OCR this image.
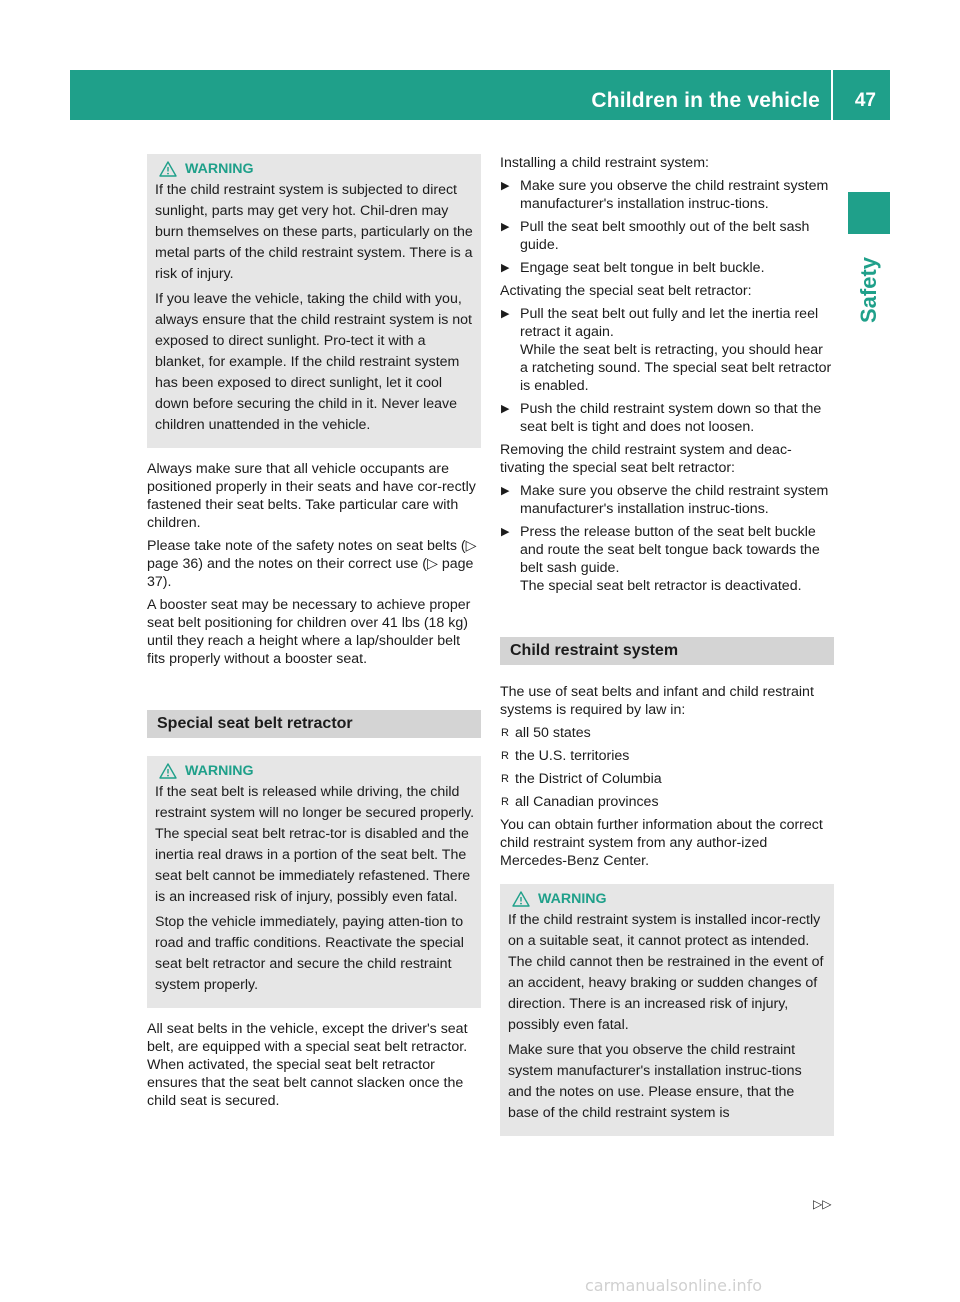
Children in the vehicle 47
Safety
WARNING

If the child restraint system is subjected to direct sunlight, parts may get very hot. Chil-dren may burn themselves on these parts, particularly on the metal parts of the child restraint system. There is a risk of injury.

If you leave the vehicle, taking the child with you, always ensure that the child restraint system is not exposed to direct sunlight. Pro-tect it with a blanket, for example. If the child restraint system has been exposed to direct sunlight, let it cool down before securing the child in it. Never leave children unattended in the vehicle.

Always make sure that all vehicle occupants are positioned properly in their seats and have cor-rectly fastened their seat belts. Take particular care with children.

Please take note of the safety notes on seat belts (▷ page 36) and the notes on their correct use (▷ page 37).

A booster seat may be necessary to achieve proper seat belt positioning for children over 41 lbs (18 kg) until they reach a height where a lap/shoulder belt fits properly without a booster seat.

Special seat belt retractor
WARNING

If the seat belt is released while driving, the child restraint system will no longer be secured properly. The special seat belt retrac-tor is disabled and the inertia real draws in a portion of the seat belt. The seat belt cannot be immediately refastened. There is an increased risk of injury, possibly even fatal.

Stop the vehicle immediately, paying atten-tion to road and traffic conditions. Reactivate the special seat belt retractor and secure the child restraint system properly.

All seat belts in the vehicle, except the driver's seat belt, are equipped with a special seat belt retractor. When activated, the special seat belt retractor ensures that the seat belt cannot slacken once the child seat is secured.

Installing a child restraint system:

▶ Make sure you observe the child restraint system manufacturer's installation instruc-tions.
▶ Pull the seat belt smoothly out of the belt sash guide.
▶ Engage seat belt tongue in belt buckle.

Activating the special seat belt retractor:

▶ Pull the seat belt out fully and let the inertia reel retract it again.
While the seat belt is retracting, you should hear a ratcheting sound. The special seat belt retractor is enabled.
▶ Push the child restraint system down so that the seat belt is tight and does not loosen.

Removing the child restraint system and deac-tivating the special seat belt retractor:

▶ Make sure you observe the child restraint system manufacturer's installation instruc-tions.
▶ Press the release button of the seat belt buckle and route the seat belt tongue back towards the belt sash guide.
The special seat belt retractor is deactivated.
Child restraint system

The use of seat belts and infant and child restraint systems is required by law in:

R all 50 states
R the U.S. territories
R the District of Columbia
R all Canadian provinces

You can obtain further information about the correct child restraint system from any author-ized Mercedes-Benz Center.

WARNING

If the child restraint system is installed incor-rectly on a suitable seat, it cannot protect as intended. The child cannot then be restrained in the event of an accident, heavy braking or sudden changes of direction. There is an increased risk of injury, possibly even fatal.

Make sure that you observe the child restraint system manufacturer's installation instruc-tions and the notes on use. Please ensure, that the base of the child restraint system is

▷▷
carmanualsonline.info
